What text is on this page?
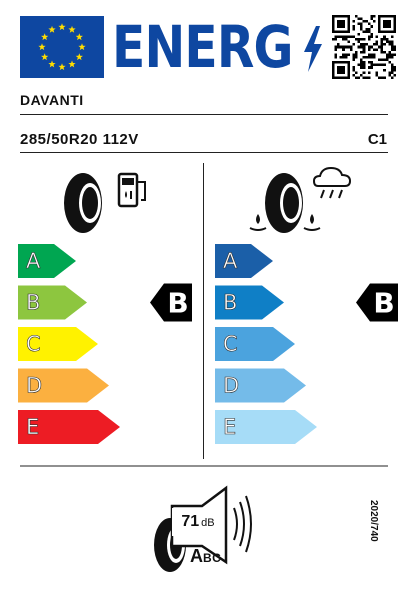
ENERG
DAVANTI
285/50R20 112V	C1
A
B
C
D
E
A
B
C
D
E
B	B
71 dB
ABC
2020/740
